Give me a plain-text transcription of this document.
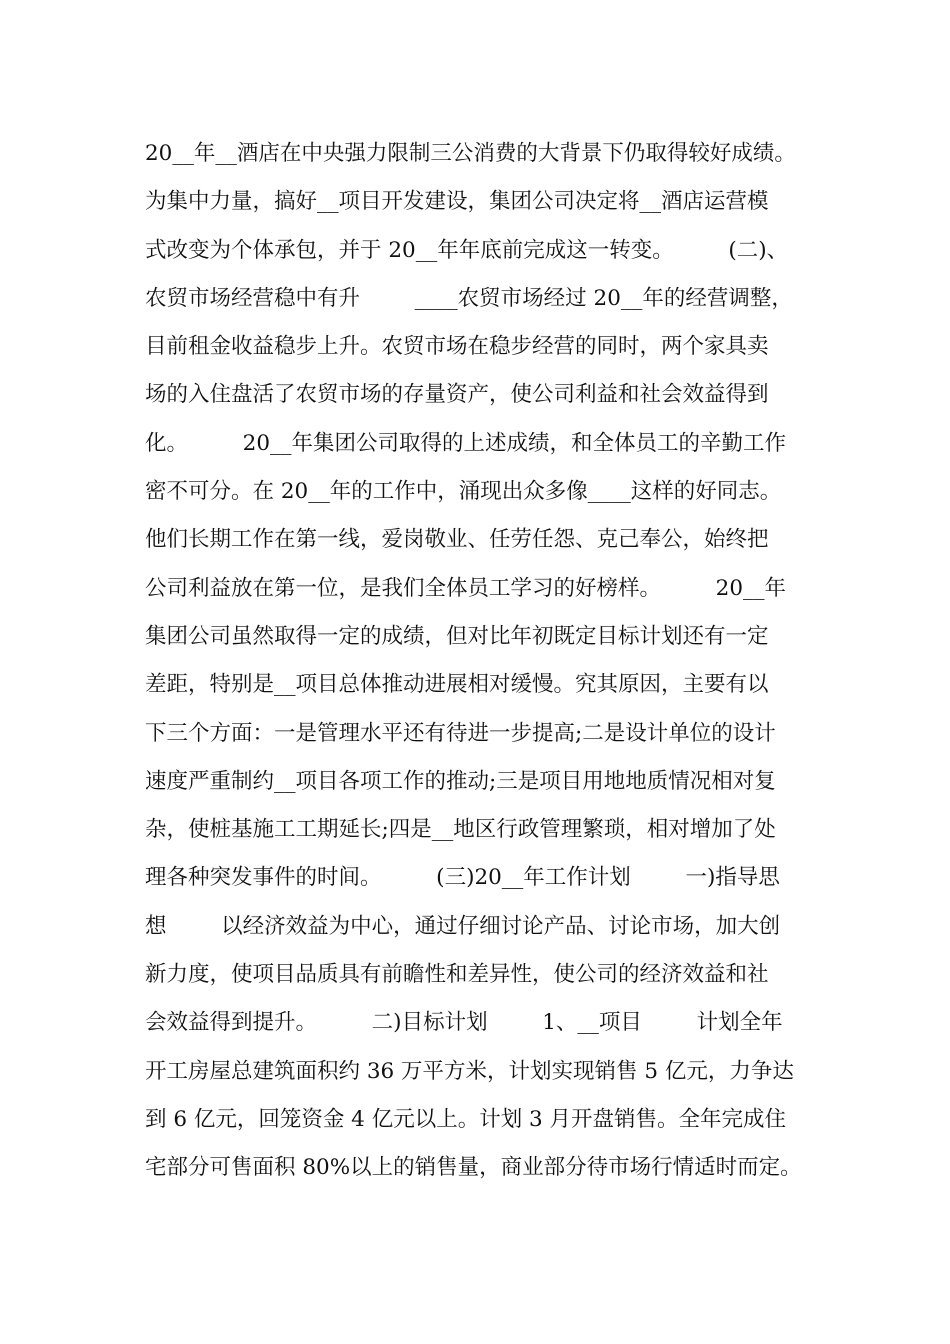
20__年__酒店在中央强力限制三公消费的大背景下仍取得较好成绩。
为集中力量，搞好__项目开发建设，集团公司决定将__酒店运营模
式改变为个体承包，并于 20__年年底前完成这一转变。        (二)、
农贸市场经营稳中有升        ____农贸市场经过 20__年的经营调整，
目前租金收益稳步上升。农贸市场在稳步经营的同时，两个家具卖
场的入住盘活了农贸市场的存量资产，使公司利益和社会效益得到
化。        20__年集团公司取得的上述成绩，和全体员工的辛勤工作
密不可分。在 20__年的工作中，涌现出众多像____这样的好同志。
他们长期工作在第一线，爱岗敬业、任劳任怨、克己奉公，始终把
公司利益放在第一位，是我们全体员工学习的好榜样。        20__年
集团公司虽然取得一定的成绩，但对比年初既定目标计划还有一定
差距，特别是__项目总体推动进展相对缓慢。究其原因，主要有以
下三个方面：一是管理水平还有待进一步提高;二是设计单位的设计
速度严重制约__项目各项工作的推动;三是项目用地地质情况相对复
杂，使桩基施工工期延长;四是__地区行政管理繁琐，相对增加了处
理各种突发事件的时间。        (三)20__年工作计划        一)指导思
想        以经济效益为中心，通过仔细讨论产品、讨论市场，加大创
新力度，使项目品质具有前瞻性和差异性，使公司的经济效益和社
会效益得到提升。        二)目标计划        1、__项目        计划全年
开工房屋总建筑面积约 36 万平方米，计划实现销售 5 亿元，力争达
到 6 亿元，回笼资金 4 亿元以上。计划 3 月开盘销售。全年完成住
宅部分可售面积 80%以上的销售量，商业部分待市场行情适时而定。
